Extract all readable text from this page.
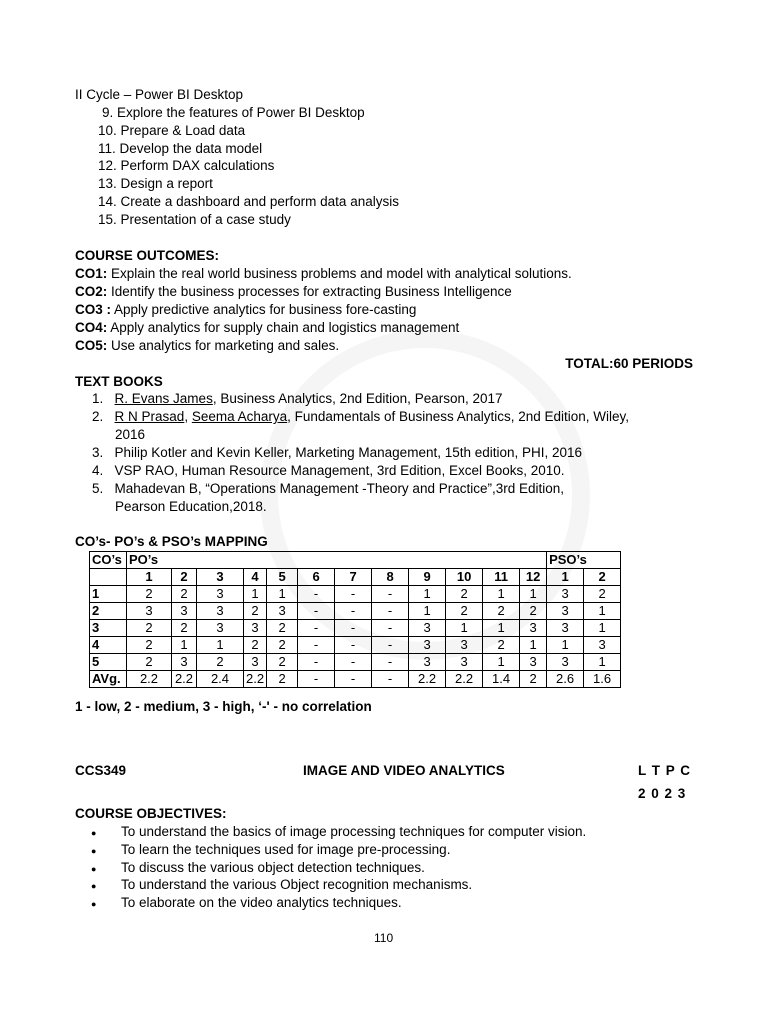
II Cycle – Power BI Desktop
9. Explore the features of Power BI Desktop
10. Prepare & Load data
11. Develop the data model
12. Perform DAX calculations
13. Design a report
14. Create a dashboard and perform data analysis
15. Presentation of a case study
COURSE OUTCOMES:
CO1: Explain the real world business problems and model with analytical solutions.
CO2: Identify the business processes for extracting Business Intelligence
CO3 : Apply predictive analytics for business fore-casting
CO4: Apply analytics for supply chain and logistics management
CO5: Use analytics for marketing and sales.
TOTAL:60 PERIODS
TEXT BOOKS
1. R. Evans James, Business Analytics, 2nd Edition, Pearson, 2017
2. R N Prasad, Seema Acharya, Fundamentals of Business Analytics, 2nd Edition, Wiley,
2016
3. Philip Kotler and Kevin Keller, Marketing Management, 15th edition, PHI, 2016
4. VSP RAO, Human Resource Management, 3rd Edition, Excel Books, 2010.
5. Mahadevan B, “Operations Management -Theory and Practice”,3rd Edition,
Pearson Education,2018.
CO’s- PO’s & PSO’s MAPPING
CO’s	PO’s												PSO’s	
	1	2	3	4	5	6	7	8	9	10	11	12	1	2
1	2	2	3	1	1	-	-	-	1	2	1	1	3	2
2	3	3	3	2	3	-	-	-	1	2	2	2	3	1
3	2	2	3	3	2	-	-	-	3	1	1	3	3	1
4	2	1	1	2	2	-	-	-	3	3	2	1	1	3
5	2	3	2	3	2	-	-	-	3	3	1	3	3	1
AVg.	2.2	2.2	2.4	2.2	2	-	-	-	2.2	2.2	1.4	2	2.6	1.6
1 - low, 2 - medium, 3 - high, ‘-' - no correlation
CCS349	IMAGE AND VIDEO ANALYTICS	L T P C
2 0 2 3
COURSE OBJECTIVES:
● To understand the basics of image processing techniques for computer vision.
● To learn the techniques used for image pre-processing.
● To discuss the various object detection techniques.
● To understand the various Object recognition mechanisms.
● To elaborate on the video analytics techniques.
110
